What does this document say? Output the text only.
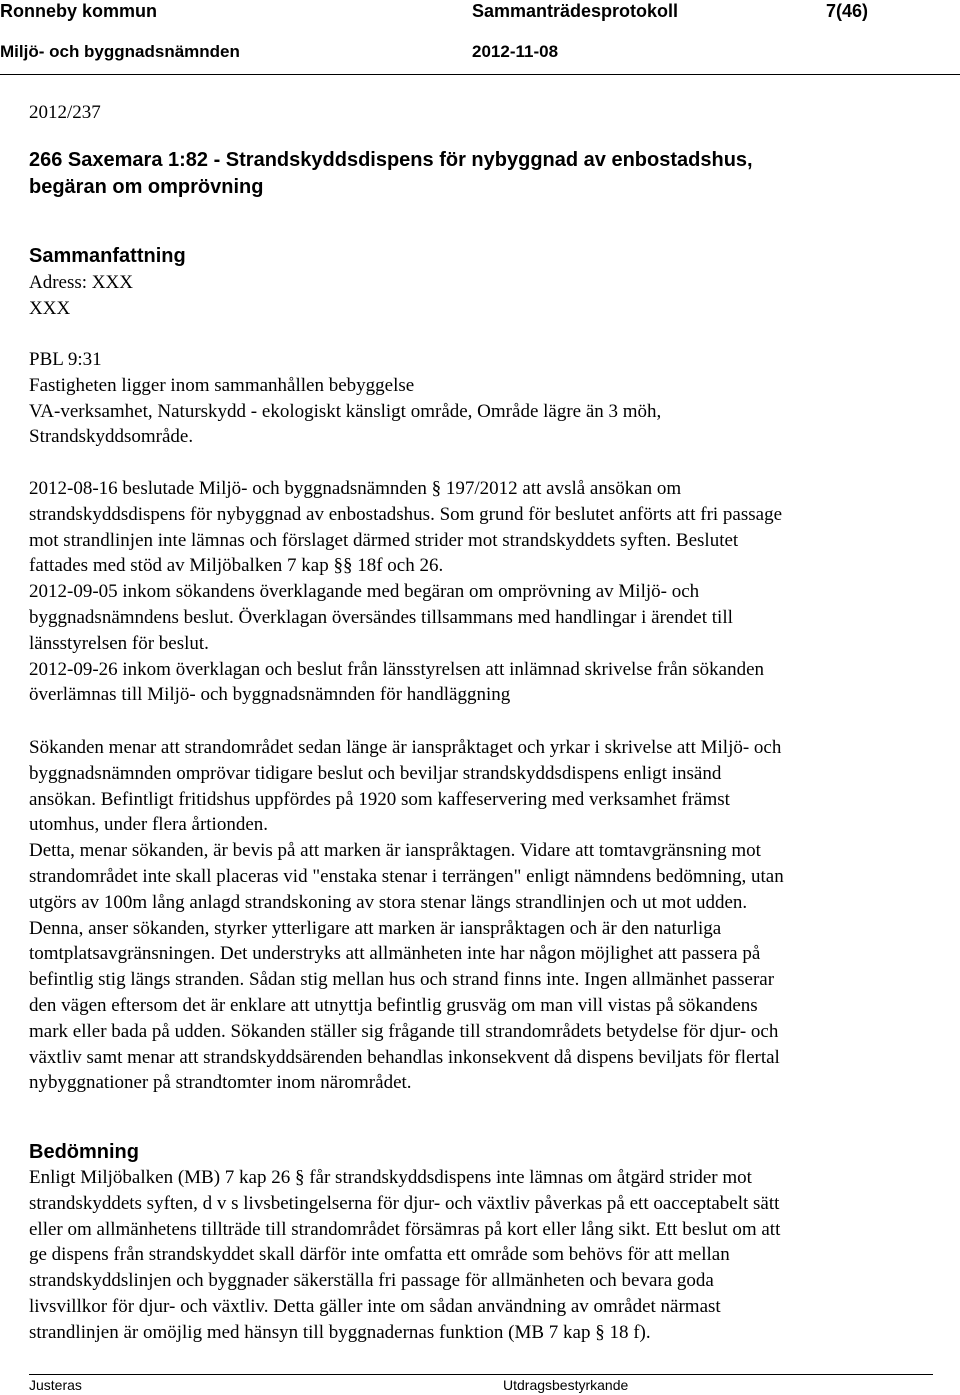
Ronneby kommun	Sammanträdesprotokoll	7(46)
Miljö- och byggnadsnämnden	2012-11-08
2012/237
266 Saxemara 1:82 - Strandskyddsdispens för nybyggnad av enbostadshus,
begäran om omprövning
Sammanfattning
Adress: XXX
XXX
PBL 9:31
Fastigheten ligger inom sammanhållen bebyggelse
VA-verksamhet, Naturskydd - ekologiskt känsligt område, Område lägre än 3 möh,
Strandskyddsområde.
2012-08-16 beslutade Miljö- och byggnadsnämnden § 197/2012 att avslå ansökan om
strandskyddsdispens för nybyggnad av enbostadshus. Som grund för beslutet anförts att fri passage
mot strandlinjen inte lämnas och förslaget därmed strider mot strandskyddets syften. Beslutet
fattades med stöd av Miljöbalken 7 kap §§ 18f och 26.
2012-09-05 inkom sökandens överklagande med begäran om omprövning av Miljö- och
byggnadsnämndens beslut. Överklagan översändes tillsammans med handlingar i ärendet till
länsstyrelsen för beslut.
2012-09-26 inkom överklagan och beslut från länsstyrelsen att inlämnad skrivelse från sökanden
överlämnas till Miljö- och byggnadsnämnden för handläggning
Sökanden menar att strandområdet sedan länge är ianspråktaget och yrkar i skrivelse att Miljö- och
byggnadsnämnden omprövar tidigare beslut och beviljar strandskyddsdispens enligt insänd
ansökan. Befintligt fritidshus uppfördes på 1920 som kaffeservering med verksamhet främst
utomhus, under flera årtionden.
Detta, menar sökanden, är bevis på att marken är ianspråktagen. Vidare att tomtavgränsning mot
strandområdet inte skall placeras vid "enstaka stenar i terrängen" enligt nämndens bedömning, utan
utgörs av 100m lång anlagd strandskoning av stora stenar längs strandlinjen och ut mot udden.
Denna, anser sökanden, styrker ytterligare att marken är ianspråktagen och är den naturliga
tomtplatsavgränsningen. Det understryks att allmänheten inte har någon möjlighet att passera på
befintlig stig längs stranden. Sådan stig mellan hus och strand finns inte. Ingen allmänhet passerar
den vägen eftersom det är enklare att utnyttja befintlig grusväg om man vill vistas på sökandens
mark eller bada på udden. Sökanden ställer sig frågande till strandområdets betydelse för djur- och
växtliv samt menar att strandskyddsärenden behandlas inkonsekvent då dispens beviljats för flertal
nybyggnationer på strandtomter inom närområdet.
Bedömning
Enligt Miljöbalken (MB) 7 kap 26 § får strandskyddsdispens inte lämnas om åtgärd strider mot
strandskyddets syften, d v s livsbetingelserna för djur- och växtliv påverkas på ett oacceptabelt sätt
eller om allmänhetens tillträde till strandområdet försämras på kort eller lång sikt. Ett beslut om att
ge dispens från strandskyddet skall därför inte omfatta ett område som behövs för att mellan
strandskyddslinjen och byggnader säkerställa fri passage för allmänheten och bevara goda
livsvillkor för djur- och växtliv. Detta gäller inte om sådan användning av området närmast
strandlinjen är omöjlig med hänsyn till byggnadernas funktion (MB 7 kap § 18 f).
Justeras	Utdragsbestyrkande
